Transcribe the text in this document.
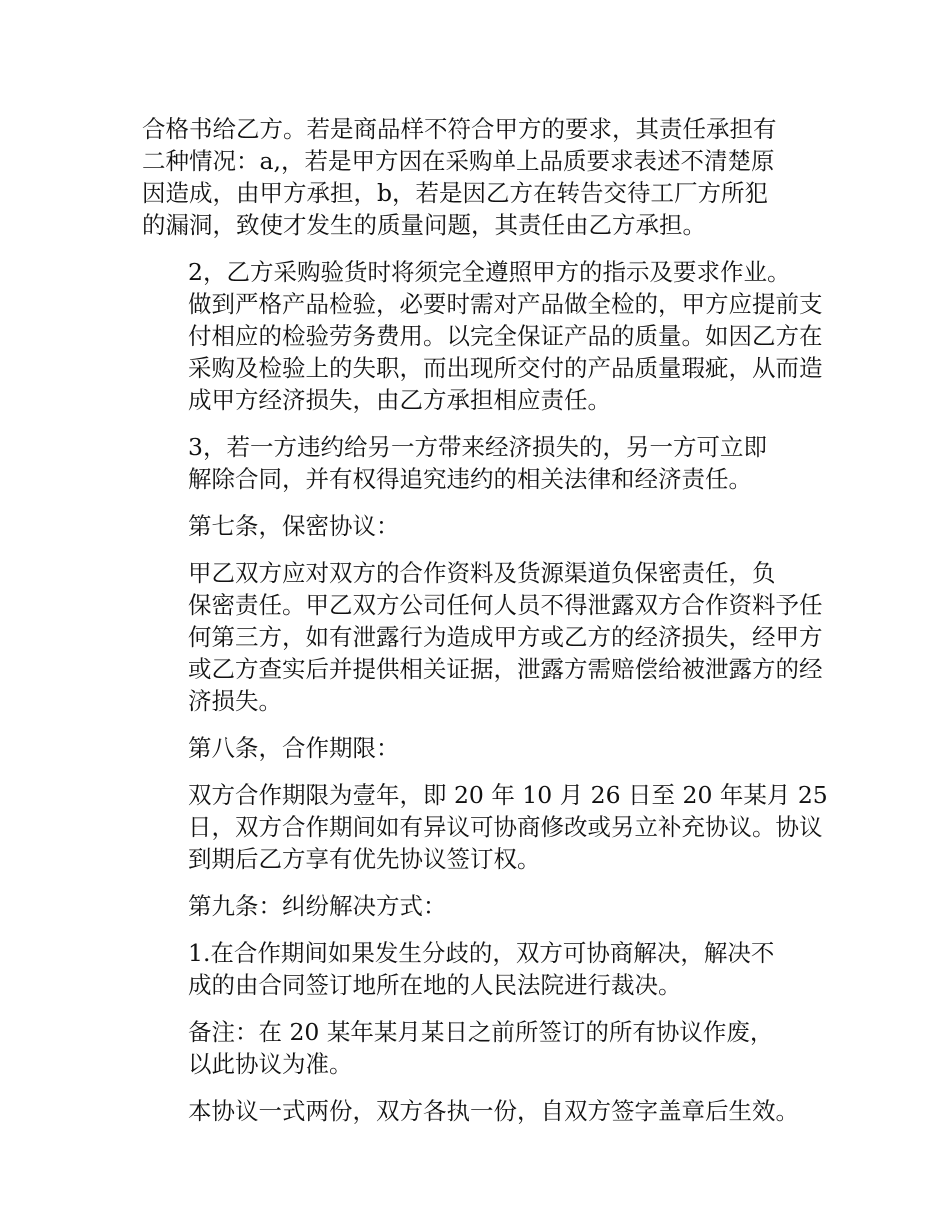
合格书给乙方。若是商品样不符合甲方的要求，其责任承担有
二种情况：a,，若是甲方因在采购单上品质要求表述不清楚原
因造成，由甲方承担，b，若是因乙方在转告交待工厂方所犯
的漏洞，致使才发生的质量问题，其责任由乙方承担。

2，乙方采购验货时将须完全遵照甲方的指示及要求作业。
做到严格产品检验，必要时需对产品做全检的，甲方应提前支
付相应的检验劳务费用。以完全保证产品的质量。如因乙方在
采购及检验上的失职，而出现所交付的产品质量瑕疵，从而造
成甲方经济损失，由乙方承担相应责任。

3，若一方违约给另一方带来经济损失的，另一方可立即
解除合同，并有权得追究违约的相关法律和经济责任。

第七条，保密协议：

甲乙双方应对双方的合作资料及货源渠道负保密责任，负
保密责任。甲乙双方公司任何人员不得泄露双方合作资料予任
何第三方，如有泄露行为造成甲方或乙方的经济损失，经甲方
或乙方查实后并提供相关证据，泄露方需赔偿给被泄露方的经
济损失。

第八条，合作期限：

双方合作期限为壹年，即 20 年 10 月 26 日至 20 年某月 25
日，双方合作期间如有异议可协商修改或另立补充协议。协议
到期后乙方享有优先协议签订权。

第九条：纠纷解决方式：

1.在合作期间如果发生分歧的，双方可协商解决，解决不
成的由合同签订地所在地的人民法院进行裁决。

备注：在 20 某年某月某日之前所签订的所有协议作废，
以此协议为准。

本协议一式两份，双方各执一份，自双方签字盖章后生效。
